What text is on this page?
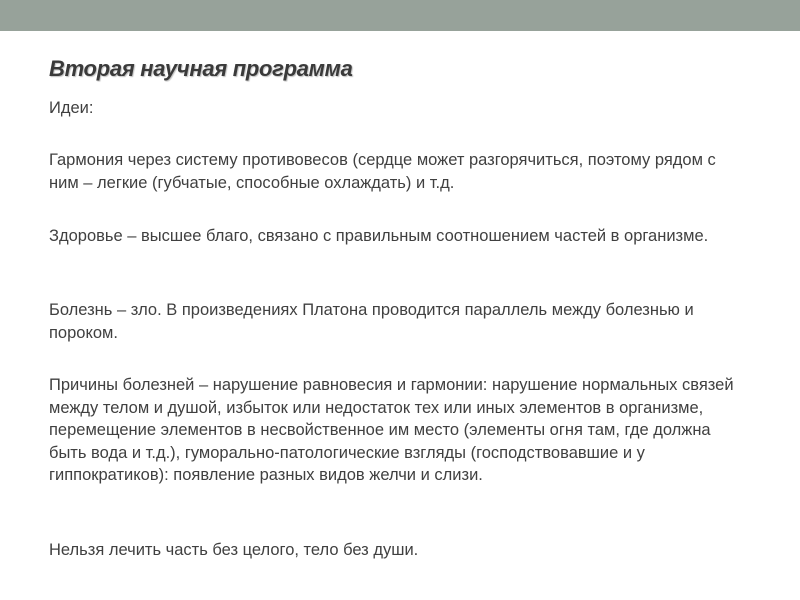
Вторая научная программа

Идеи:

Гармония через систему противовесов (сердце может разгорячиться, поэтому рядом с ним – легкие (губчатые, способные охлаждать) и т.д.

Здоровье – высшее благо, связано с правильным соотношением частей в организме.

Болезнь – зло. В произведениях Платона проводится параллель между болезнью и пороком.

Причины болезней – нарушение равновесия и гармонии: нарушение нормальных связей между телом и душой, избыток или недостаток тех или иных элементов в организме, перемещение элементов в несвойственное им место (элементы огня там, где должна быть вода и т.д.), гуморально-патологические взгляды (господствовавшие и у гиппократиков): появление разных видов желчи и слизи.

Нельзя лечить часть без целого, тело без души.
